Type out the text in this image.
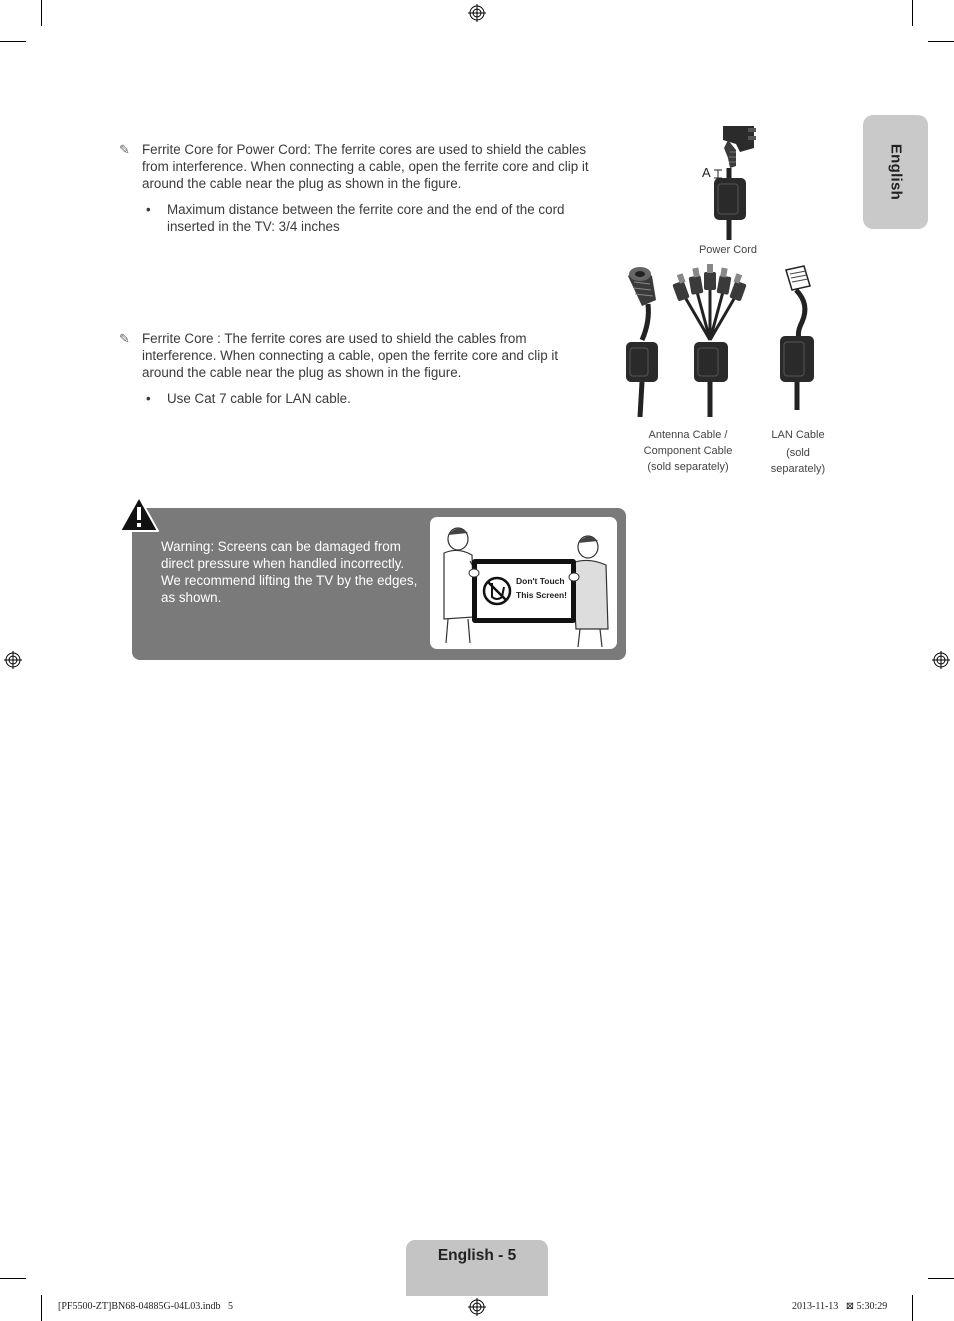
English
✎ Ferrite Core for Power Cord: The ferrite cores are used to shield the cables from interference. When connecting a cable, open the ferrite core and clip it around the cable near the plug as shown in the figure.
• Maximum distance between the ferrite core and the end of the cord inserted in the TV: 3/4 inches
A
Power Cord
✎ Ferrite Core : The ferrite cores are used to shield the cables from interference. When connecting a cable, open the ferrite core and clip it around the cable near the plug as shown in the figure.
• Use Cat 7 cable for LAN cable.
Antenna Cable /
Component Cable
(sold separately)
LAN Cable
(sold
separately)
Warning: Screens can be damaged from direct pressure when handled incorrectly. We recommend lifting the TV by the edges, as shown.
Don't Touch
This Screen!
English - 5
[PF5500-ZT]BN68-04885G-04L03.indb   5	2013-11-13   ⊠ 5:30:29
